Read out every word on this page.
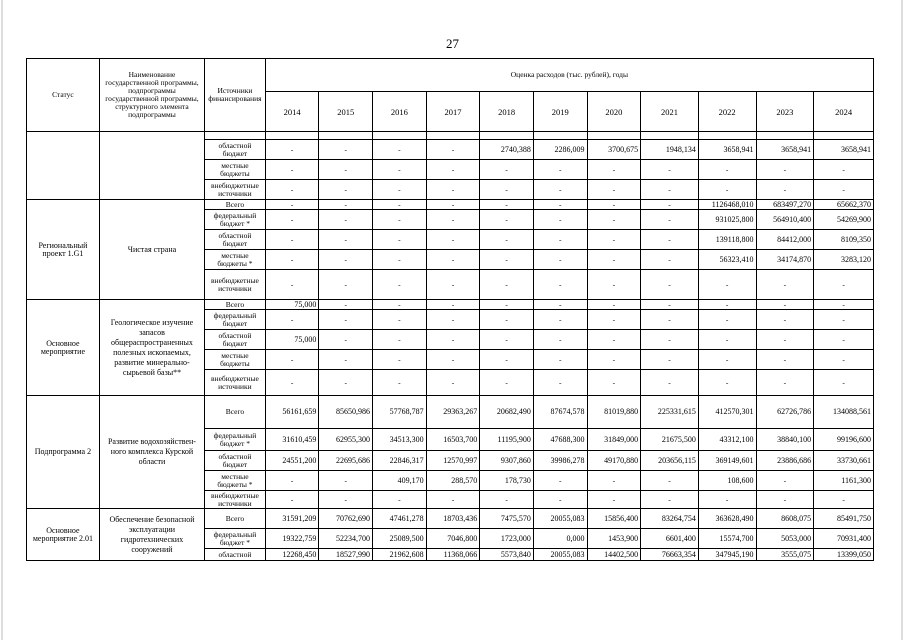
27
Статус	Наименование государственной программы, подпрограммы государственной программы, структурного элемента подпрограммы	Источники финансирования	Оценка расходов (тыс. рублей), годы										
			2014	2015	2016	2017	2018	2019	2020	2021	2022	2023	2024

		областной бюджет	-	-	-	-	2740,388	2286,009	3700,675	1948,134	3658,941	3658,941	3658,941
		местные бюджеты	-	-	-	-	-	-	-	-	-	-	-
		внебюджетные источники	-	-	-	-	-	-	-	-	-	-	-
Региональный проект 1.G1	Чистая страна	Всего	-	-	-	-	-	-	-	-	1126468,010	683497,270	65662,370
		федеральный бюджет *	-	-	-	-	-	-	-	-	931025,800	564910,400	54269,900
		областной бюджет	-	-	-	-	-	-	-	-	139118,800	84412,000	8109,350
		местные бюджеты *	-	-	-	-	-	-	-	-	56323,410	34174,870	3283,120
		внебюджетные источники	-	-	-	-	-	-	-	-	-	-	-
Основное мероприятие	Геологическое изучение запасов общераспространенных полезных ископаемых, развитие минерально-сырьевой базы**	Всего	75,000	-	-	-	-	-	-	-	-	-	-
		федеральный бюджет	-	-	-	-	-	-	-	-	-	-	-
		областной бюджет	75,000	-	-	-	-	-	-	-	-	-	-
		местные бюджеты	-	-	-	-	-	-	-	-	-	-	-
		внебюджетные источники	-	-	-	-	-	-	-	-	-	-	-
Подпрограмма 2	Развитие водохозяйствен-ного комплекса Курской области	Всего	56161,659	85650,986	57768,787	29363,267	20682,490	87674,578	81019,880	225331,615	412570,301	62726,786	134088,561
		федеральный бюджет *	31610,459	62955,300	34513,300	16503,700	11195,900	47688,300	31849,000	21675,500	43312,100	38840,100	99196,600
		областной бюджет	24551,200	22695,686	22846,317	12570,997	9307,860	39986,278	49170,880	203656,115	369149,601	23886,686	33730,661
		местные бюджеты *	-	-	409,170	288,570	178,730	-	-	-	108,600	-	1161,300
		внебюджетные источники	-	-	-	-	-	-	-	-	-	-	-
Основное мероприятие 2.01	Обеспечение безопасной эксплуатации гидротехнических сооружений	Всего	31591,209	70762,690	47461,278	18703,436	7475,570	20055,083	15856,400	83264,754	363628,490	8608,075	85491,750
		федеральный бюджет *	19322,759	52234,700	25089,500	7046,800	1723,000	0,000	1453,900	6601,400	15574,700	5053,000	70931,400
		областной	12268,450	18527,990	21962,608	11368,066	5573,840	20055,083	14402,500	76663,354	347945,190	3555,075	13399,050
